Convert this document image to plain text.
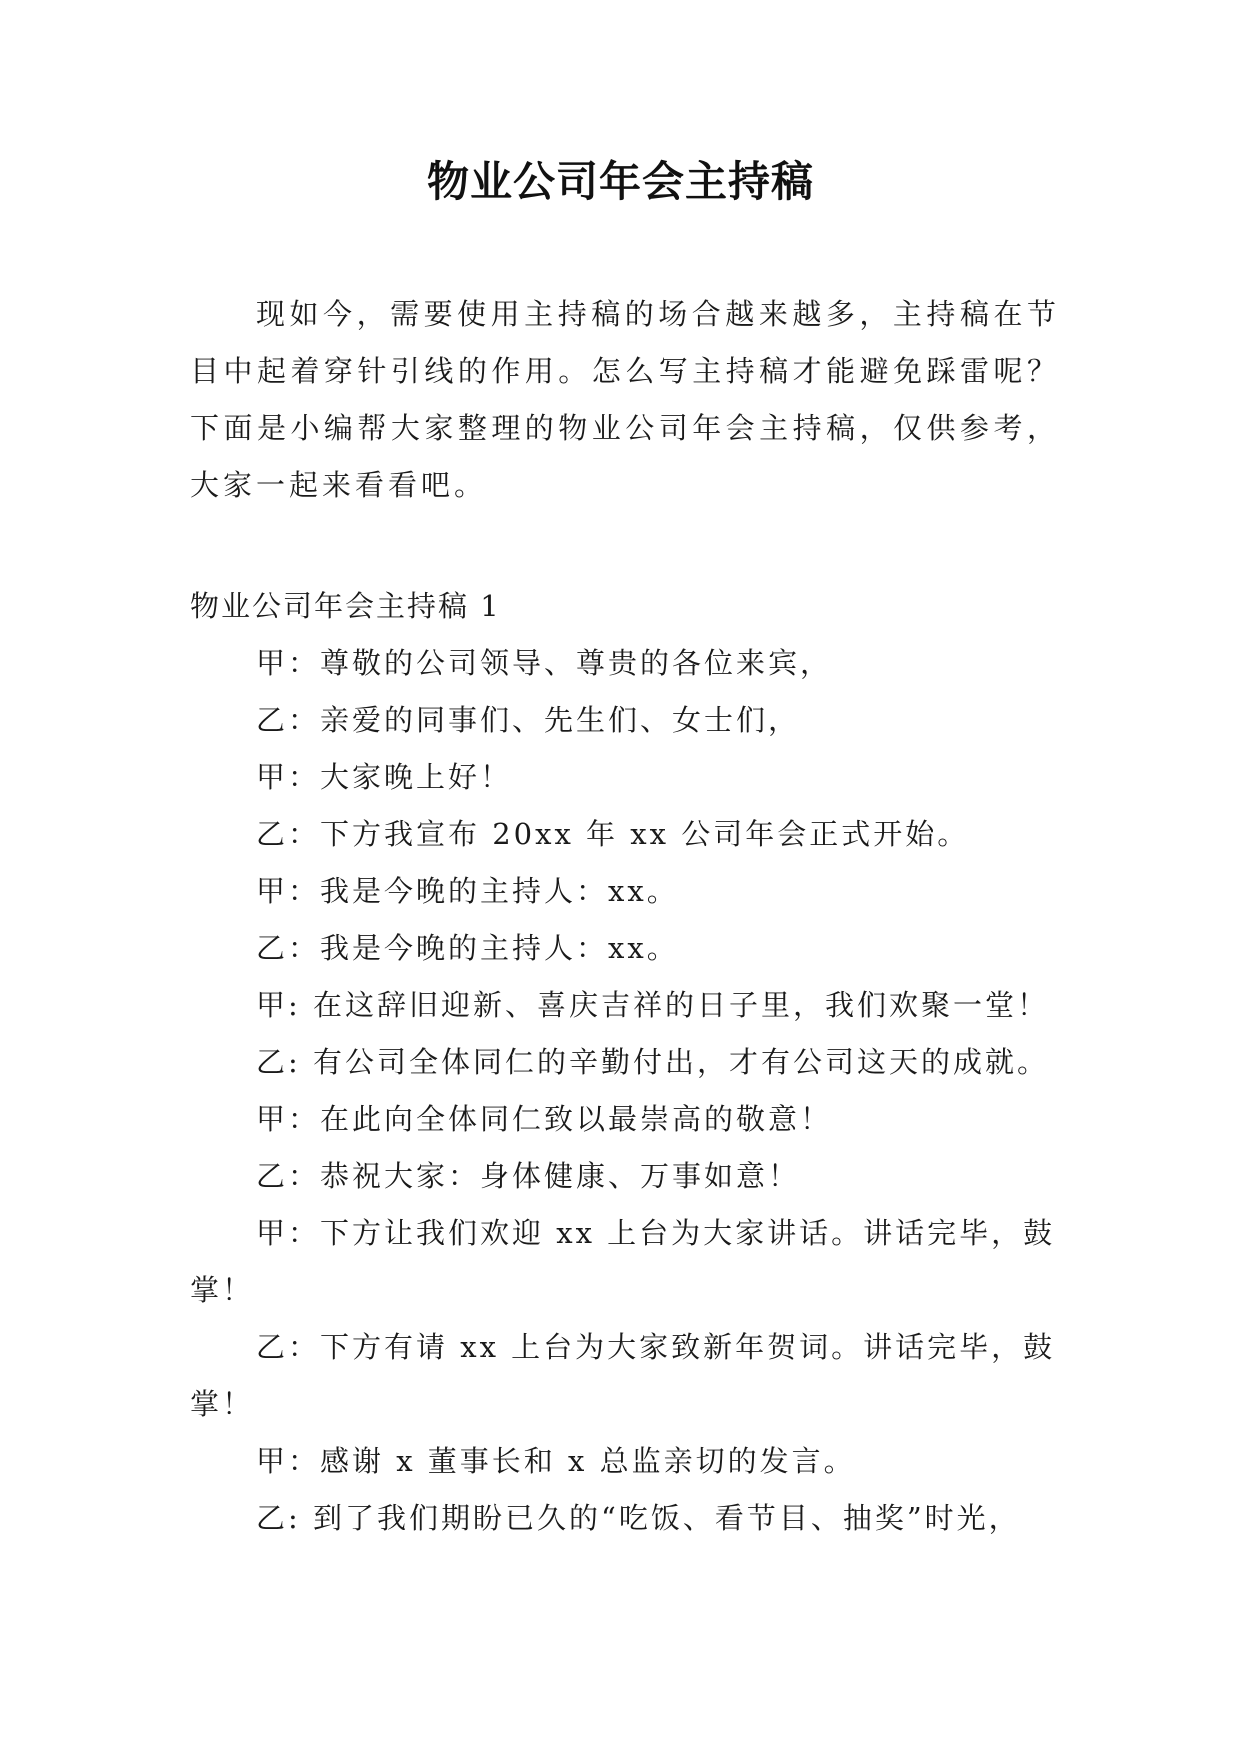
物业公司年会主持稿

现如今，需要使用主持稿的场合越来越多，主持稿在节目中起着穿针引线的作用。怎么写主持稿才能避免踩雷呢？下面是小编帮大家整理的物业公司年会主持稿，仅供参考，大家一起来看看吧。

物业公司年会主持稿 1

甲：尊敬的公司领导、尊贵的各位来宾，

乙：亲爱的同事们、先生们、女士们，

甲：大家晚上好！

乙：下方我宣布 20xx 年 xx 公司年会正式开始。

甲：我是今晚的主持人：xx。

乙：我是今晚的主持人：xx。

甲: 在这辞旧迎新、喜庆吉祥的日子里，我们欢聚一堂！

乙: 有公司全体同仁的辛勤付出，才有公司这天的成就。

甲：在此向全体同仁致以最崇高的敬意！

乙：恭祝大家：身体健康、万事如意！

甲：下方让我们欢迎 xx 上台为大家讲话。讲话完毕，鼓掌！

乙：下方有请 xx 上台为大家致新年贺词。讲话完毕，鼓掌！

甲：感谢 x 董事长和 x 总监亲切的发言。

乙: 到了我们期盼已久的“吃饭、看节目、抽奖”时光，
